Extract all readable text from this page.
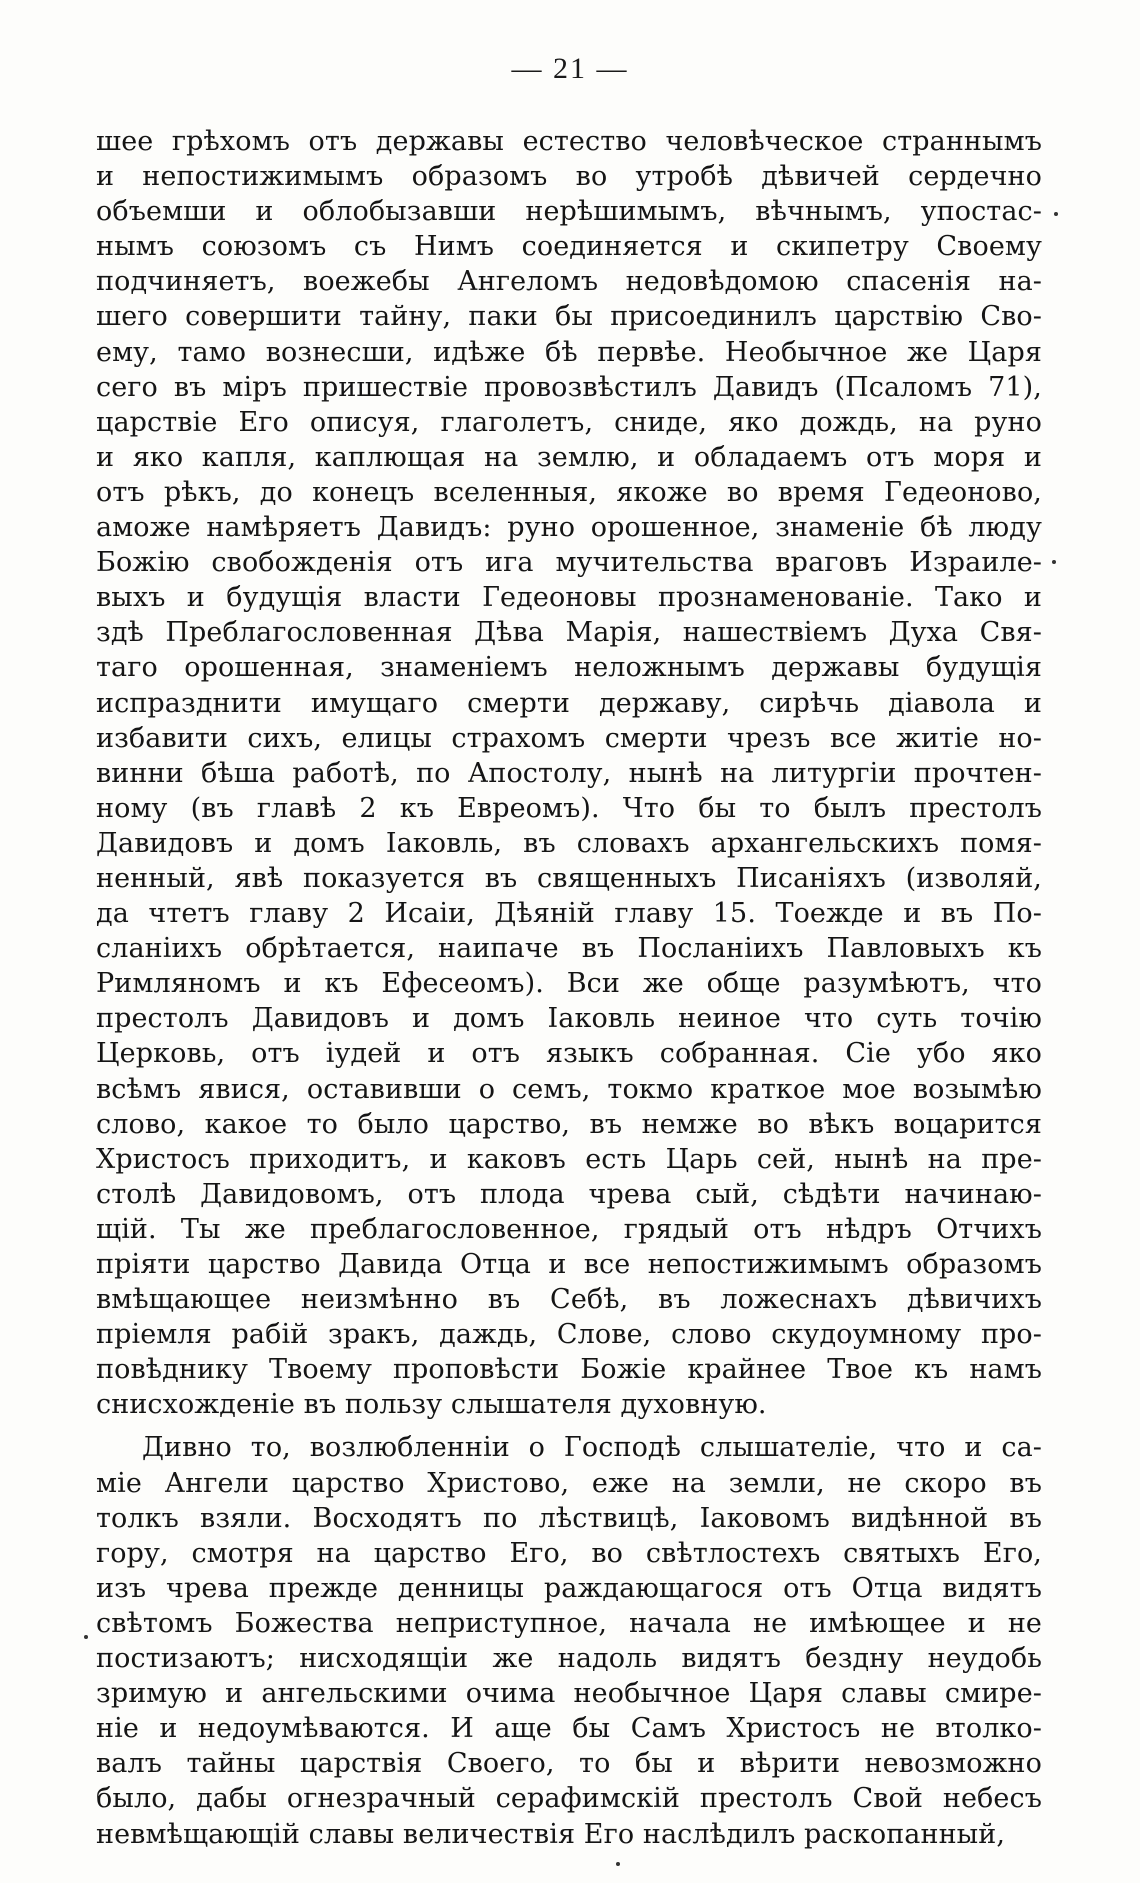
— 21 —
шее грѣхомъ отъ державы естество человѣческое страннымъ
и непостижимымъ образомъ во утробѣ дѣвичей сердечно
объемши и облобызавши нерѣшимымъ, вѣчнымъ, упостас-
нымъ союзомъ съ Нимъ соединяется и скипетру Своему
подчиняетъ, воежебы Ангеломъ недовѣдомою спасенія на-
шего совершити тайну, паки бы присоединилъ царствію Сво-
ему, тамо вознесши, идѣже бѣ первѣе. Необычное же Царя
сего въ міръ пришествіе провозвѣстилъ Давидъ (Псаломъ 71),
царствіе Его описуя, глаголетъ, снидe, яко дождь, на руно
и яко капля, каплющая на землю, и обладаемъ отъ моря и
отъ рѣкъ, до конецъ вселенныя, якоже во время Гедеоново,
аможе намѣряетъ Давидъ: руно орошенное, знаменіе бѣ люду
Божію свобожденія отъ ига мучительства враговъ Израиле-
выхъ и будущія власти Гедеоновы прознаменованіе. Тако и
здѣ Преблагословенная Дѣва Марія, нашествіемъ Духа Свя-
таго орошенная, знаменіемъ неложнымъ державы будущія
испразднити имущаго смерти державу, сирѣчь діавола и
избавити сихъ, елицы страхомъ смерти чрезъ все житіе но-
винни бѣша работѣ, по Апостолу, нынѣ на литургіи прочтен-
ному (въ главѣ 2 къ Евреомъ). Что бы то былъ престолъ
Давидовъ и домъ Іаковль, въ словахъ архангельскихъ помя-
ненный, явѣ показуется въ священныхъ Писаніяхъ (изволяй,
да чтетъ главу 2 Исаіи, Дѣяній главу 15. Тоежде и въ По-
сланіихъ обрѣтается, наипаче въ Посланіихъ Павловыхъ къ
Римляномъ и къ Ефесеомъ). Вси же обще разумѣютъ, что
престолъ Давидовъ и домъ Іаковль неиное что суть точію
Церковь, отъ іудей и отъ языкъ собранная. Сіе убо яко
всѣмъ явися, оставивши о семъ, токмо краткое мое возымѣю
слово, какое то было царство, въ немже во вѣкъ воцарится
Христосъ приходитъ, и каковъ есть Царь сей, нынѣ на пре-
столѣ Давидовомъ, отъ плода чрева сый, сѣдѣти начинаю-
щій. Ты же преблагословенное, грядый отъ нѣдръ Отчихъ
пріяти царство Давида Отца и все непостижимымъ образомъ
вмѣщающее неизмѣнно въ Себѣ, въ ложеснахъ дѣвичихъ
пріемля рабій зракъ, даждь, Слове, слово скудоумному про-
повѣднику Твоему проповѣсти Божіе крайнее Твое къ намъ
снисхожденіе въ пользу слышателя духовную.
Дивно то, возлюбленніи о Господѣ слышателіе, что и са-
міе Ангели царство Христово, еже на земли, не скоро въ
толкъ взяли. Восходятъ по лѣствицѣ, Іаковомъ видѣнной въ
гору, смотря на царство Его, во свѣтлостехъ святыхъ Его,
изъ чрева прежде денницы раждающагося отъ Отца видятъ
свѣтомъ Божества неприступное, начала не имѣющее и не
постизаютъ; нисходящіи же надоль видятъ бездну неудобь
зримую и ангельскими очима необычное Царя славы смире-
ніе и недоумѣваются. И аще бы Самъ Христосъ не втолко-
валъ тайны царствія Своего, то бы и вѣрити невозможно
было, дабы огнезрачный серафимскій престолъ Свой небесъ
невмѣщающій славы величествія Его наслѣдилъ раскопанный,
